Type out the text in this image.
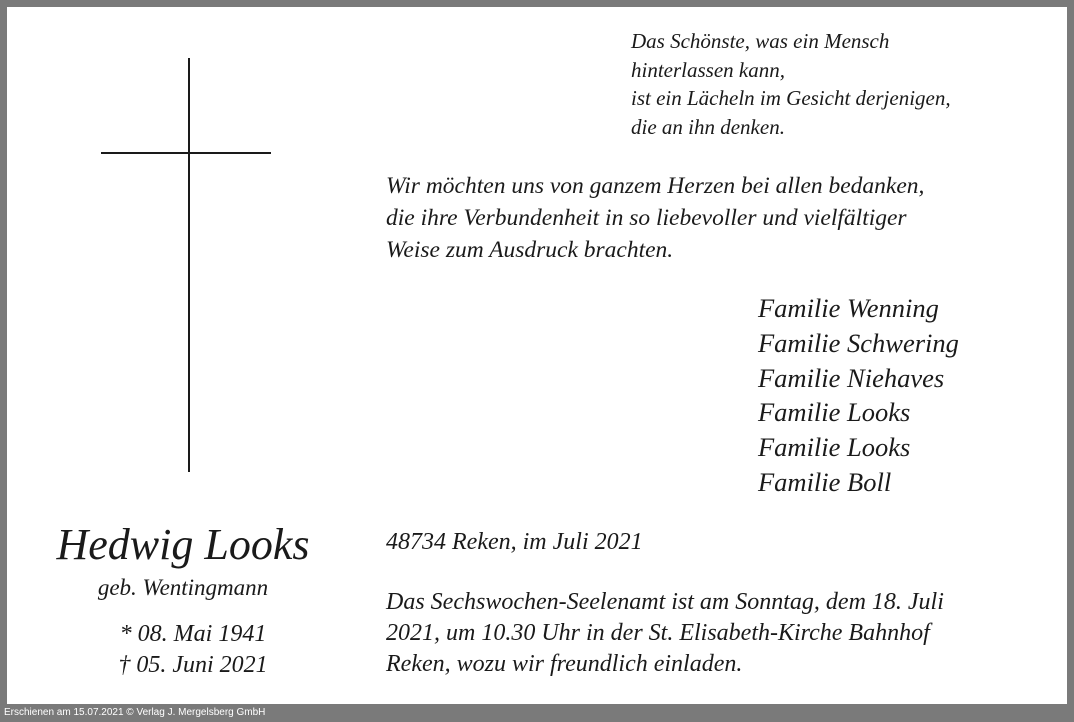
Das Schönste, was ein Mensch
hinterlassen kann,
ist ein Lächeln im Gesicht derjenigen,
die an ihn denken.
Wir möchten uns von ganzem Herzen bei allen bedanken,
die ihre Verbundenheit in so liebevoller und vielfältiger
Weise zum Ausdruck brachten.
Familie Wenning
Familie Schwering
Familie Niehaves
Familie Looks
Familie Looks
Familie Boll
Hedwig Looks
geb. Wentingmann
* 08. Mai 1941
† 05. Juni 2021
48734 Reken, im Juli 2021
Das Sechswochen-Seelenamt ist am Sonntag, dem 18. Juli
2021, um 10.30 Uhr in der St. Elisabeth-Kirche Bahnhof
Reken, wozu wir freundlich einladen.
Erschienen am 15.07.2021 © Verlag J. Mergelsberg GmbH
